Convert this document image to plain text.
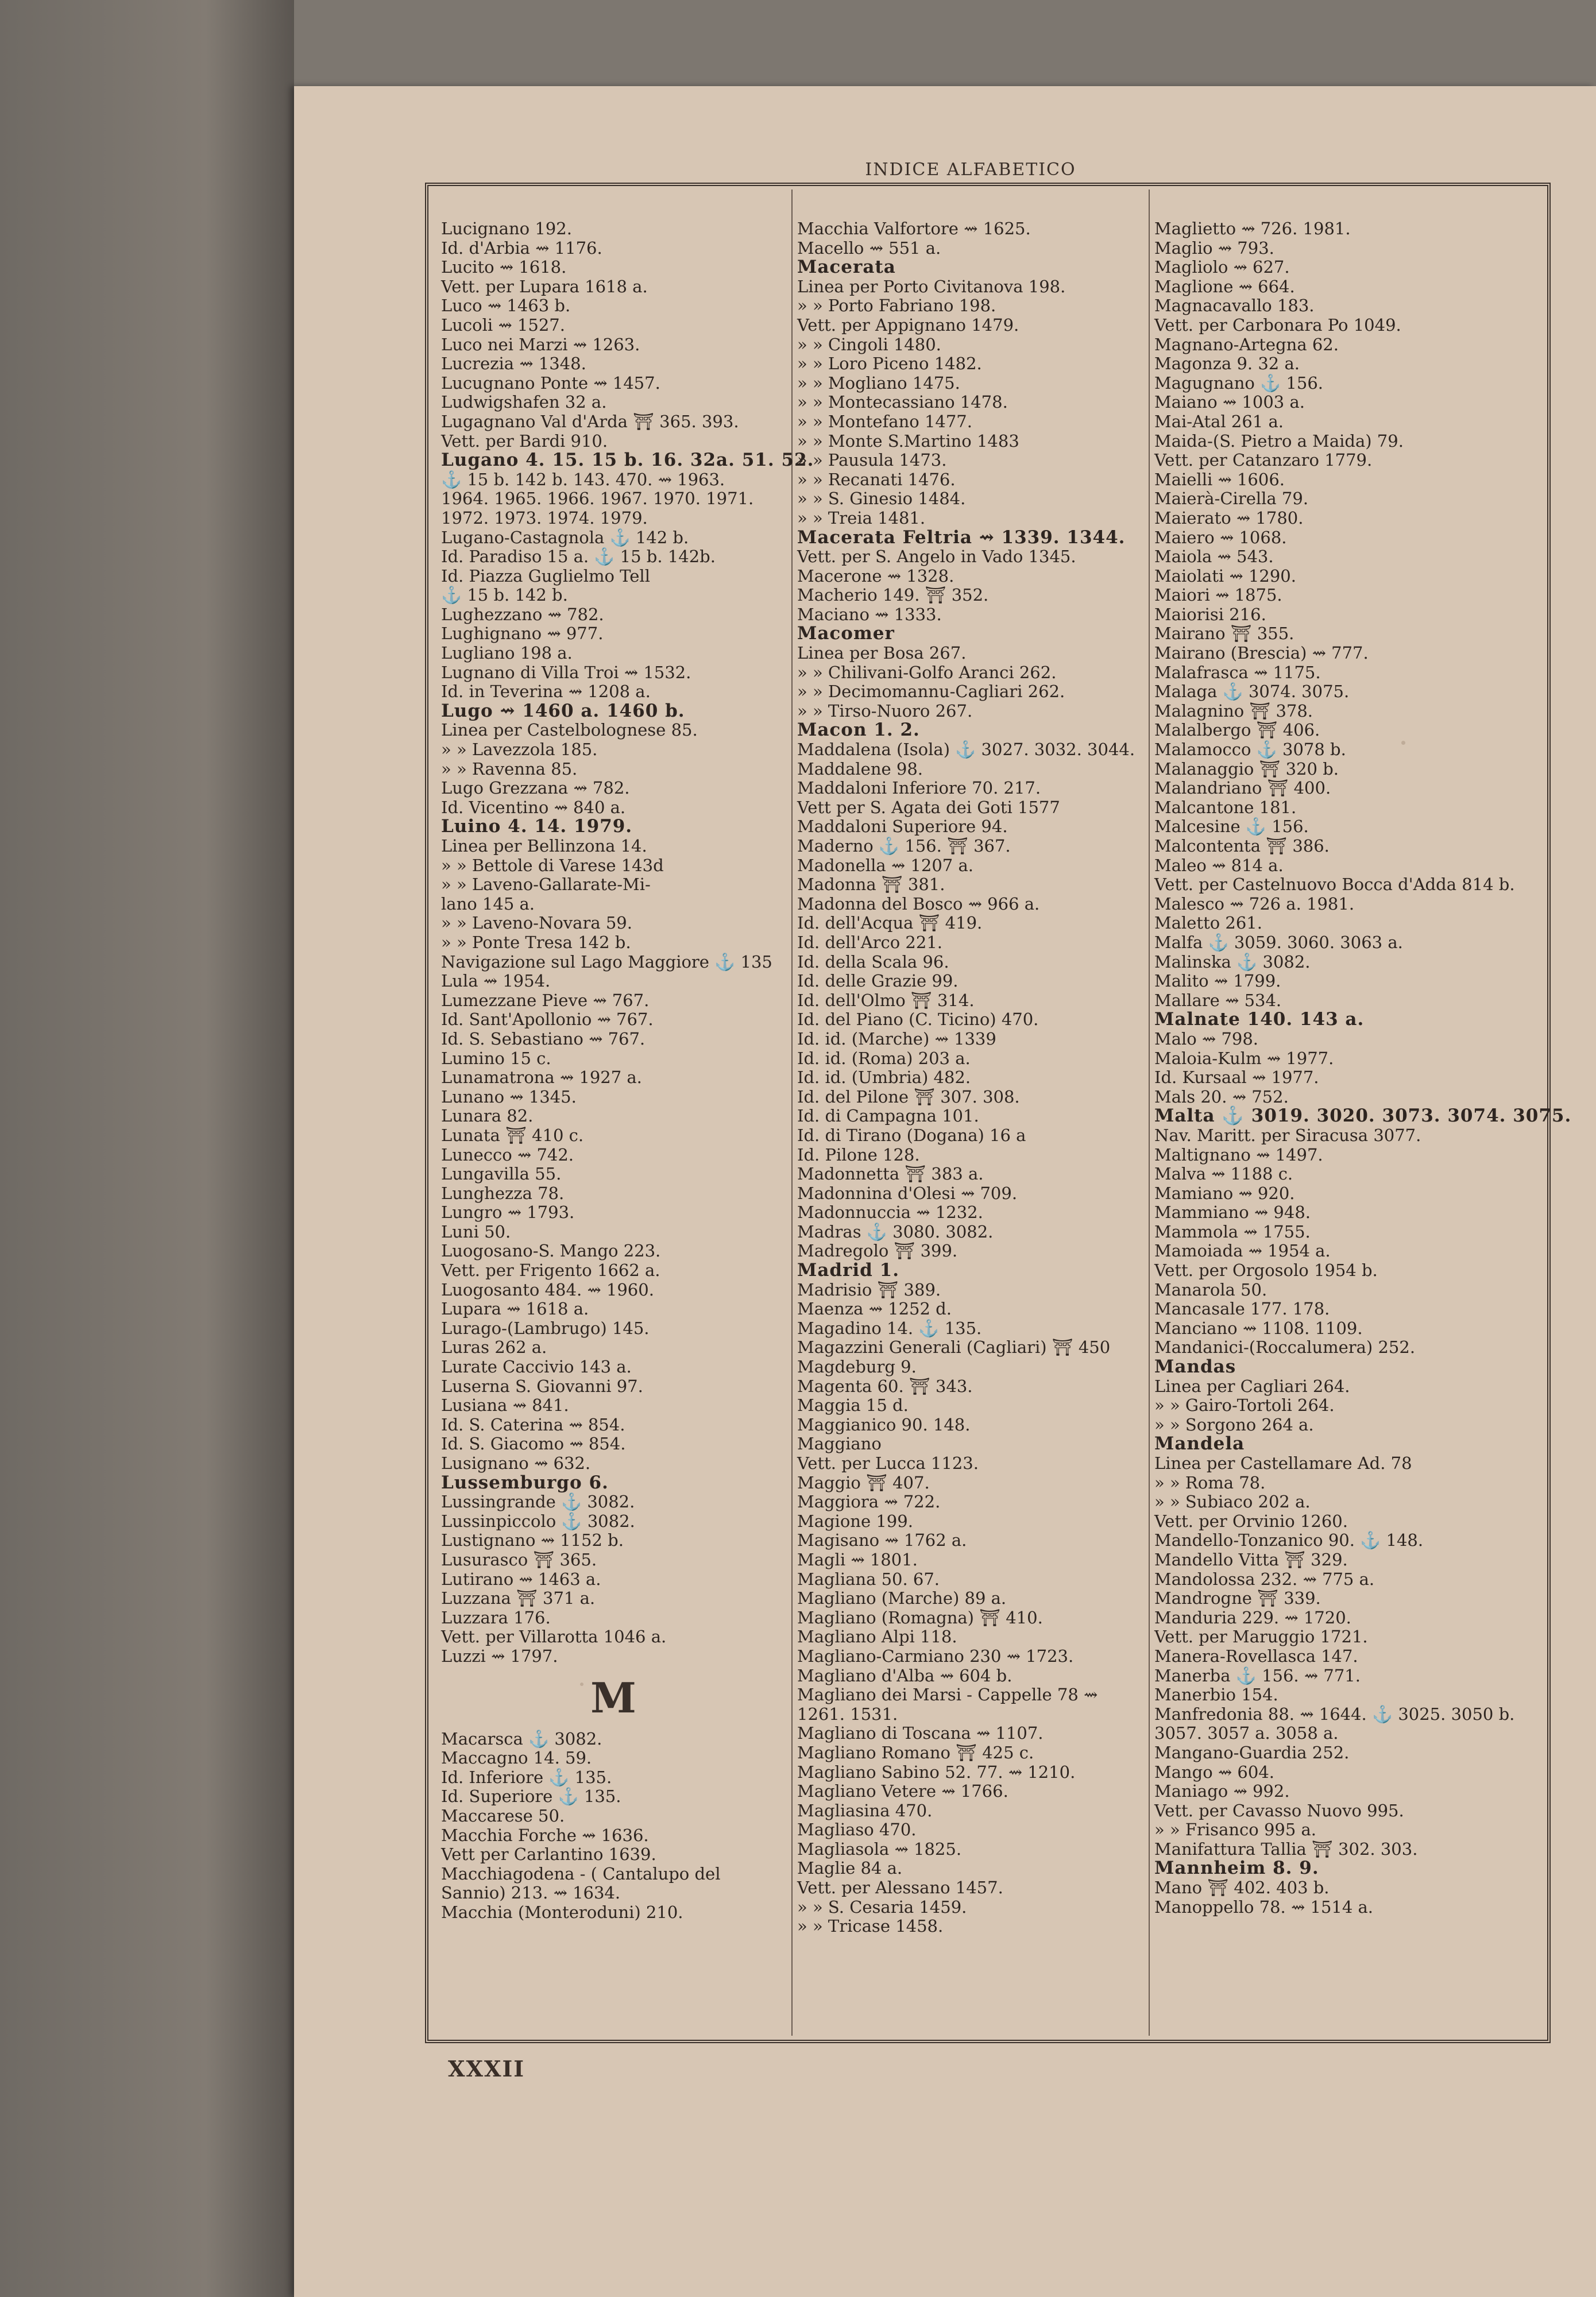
INDICE ALFABETICO
Lucignano 192.
Id. d'Arbia ⇝ 1176.
Lucito ⇝ 1618.
Vett. per Lupara 1618 a.
Luco ⇝ 1463 b.
Lucoli ⇝ 1527.
Luco nei Marzi ⇝ 1263.
Lucrezia ⇝ 1348.
Lucugnano Ponte ⇝ 1457.
Ludwigshafen 32 a.
Lugagnano Val d'Arda ⛩ 365. 393.
Vett. per Bardi 910.
Lugano 4. 15. 15 b. 16. 32a. 51. 52.
⚓ 15 b. 142 b. 143. 470. ⇝ 1963.
1964. 1965. 1966. 1967. 1970. 1971.
1972. 1973. 1974. 1979.
Lugano-Castagnola ⚓ 142 b.
Id. Paradiso 15 a. ⚓ 15 b. 142b.
Id. Piazza Guglielmo Tell
⚓ 15 b. 142 b.
Lughezzano ⇝ 782.
Lughignano ⇝ 977.
Lugliano 198 a.
Lugnano di Villa Troi ⇝ 1532.
Id. in Teverina ⇝ 1208 a.
Lugo ⇝ 1460 a. 1460 b.
Linea per Castelbolognese 85.
» » Lavezzola 185.
» » Ravenna 85.
Lugo Grezzana ⇝ 782.
Id. Vicentino ⇝ 840 a.
Luino 4. 14. 1979.
Linea per Bellinzona 14.
» » Bettole di Varese 143d
» » Laveno-Gallarate-Mi-
lano 145 a.
» » Laveno-Novara 59.
» » Ponte Tresa 142 b.
Navigazione sul Lago Maggiore ⚓ 135
Lula ⇝ 1954.
Lumezzane Pieve ⇝ 767.
Id. Sant'Apollonio ⇝ 767.
Id. S. Sebastiano ⇝ 767.
Lumino 15 c.
Lunamatrona ⇝ 1927 a.
Lunano ⇝ 1345.
Lunara 82.
Lunata ⛩ 410 c.
Lunecco ⇝ 742.
Lungavilla 55.
Lunghezza 78.
Lungro ⇝ 1793.
Luni 50.
Luogosano-S. Mango 223.
Vett. per Frigento 1662 a.
Luogosanto 484. ⇝ 1960.
Lupara ⇝ 1618 a.
Lurago-(Lambrugo) 145.
Luras 262 a.
Lurate Caccivio 143 a.
Luserna S. Giovanni 97.
Lusiana ⇝ 841.
Id. S. Caterina ⇝ 854.
Id. S. Giacomo ⇝ 854.
Lusignano ⇝ 632.
Lussemburgo 6.
Lussingrande ⚓ 3082.
Lussinpiccolo ⚓ 3082.
Lustignano ⇝ 1152 b.
Lusurasco ⛩ 365.
Lutirano ⇝ 1463 a.
Luzzana ⛩ 371 a.
Luzzara 176.
Vett. per Villarotta 1046 a.
Luzzi ⇝ 1797.
M
Macarsca ⚓ 3082.
Maccagno 14. 59.
Id. Inferiore ⚓ 135.
Id. Superiore ⚓ 135.
Maccarese 50.
Macchia Forche ⇝ 1636.
Vett per Carlantino 1639.
Macchiagodena - ( Cantalupo del Sannio) 213. ⇝ 1634.
Macchia (Monteroduni) 210.
Macchia Valfortore ⇝ 1625.
Macello ⇝ 551 a.
Macerata
Linea per Porto Civitanova 198.
» » Porto Fabriano 198.
Vett. per Appignano 1479.
» » Cingoli 1480.
» » Loro Piceno 1482.
» » Mogliano 1475.
» » Montecassiano 1478.
» » Montefano 1477.
» » Monte S.Martino 1483
» » Pausula 1473.
» » Recanati 1476.
» » S. Ginesio 1484.
» » Treia 1481.
Macerata Feltria ⇝ 1339. 1344.
Vett. per S. Angelo in Vado 1345.
Macerone ⇝ 1328.
Macherio 149. ⛩ 352.
Maciano ⇝ 1333.
Macomer
Linea per Bosa 267.
» » Chilivani-Golfo Aranci 262.
» » Decimomannu-Cagliari 262.
» » Tirso-Nuoro 267.
Macon 1. 2.
Maddalena (Isola) ⚓ 3027. 3032. 3044.
Maddalene 98.
Maddaloni Inferiore 70. 217.
Vett per S. Agata dei Goti 1577
Maddaloni Superiore 94.
Maderno ⚓ 156. ⛩ 367.
Madonella ⇝ 1207 a.
Madonna ⛩ 381.
Madonna del Bosco ⇝ 966 a.
Id. dell'Acqua ⛩ 419.
Id. dell'Arco 221.
Id. della Scala 96.
Id. delle Grazie 99.
Id. dell'Olmo ⛩ 314.
Id. del Piano (C. Ticino) 470.
Id. id. (Marche) ⇝ 1339
Id. id. (Roma) 203 a.
Id. id. (Umbria) 482.
Id. del Pilone ⛩ 307. 308.
Id. di Campagna 101.
Id. di Tirano (Dogana) 16 a
Id. Pilone 128.
Madonnetta ⛩ 383 a.
Madonnina d'Olesi ⇝ 709.
Madonnuccia ⇝ 1232.
Madras ⚓ 3080. 3082.
Madregolo ⛩ 399.
Madrid 1.
Madrisio ⛩ 389.
Maenza ⇝ 1252 d.
Magadino 14. ⚓ 135.
Magazzini Generali (Cagliari) ⛩ 450
Magdeburg 9.
Magenta 60. ⛩ 343.
Maggia 15 d.
Maggianico 90. 148.
Maggiano
Vett. per Lucca 1123.
Maggio ⛩ 407.
Maggiora ⇝ 722.
Magione 199.
Magisano ⇝ 1762 a.
Magli ⇝ 1801.
Magliana 50. 67.
Magliano (Marche) 89 a.
Magliano (Romagna) ⛩ 410.
Magliano Alpi 118.
Magliano-Carmiano 230 ⇝ 1723.
Magliano d'Alba ⇝ 604 b.
Magliano dei Marsi - Cappelle 78 ⇝ 1261. 1531.
Magliano di Toscana ⇝ 1107.
Magliano Romano ⛩ 425 c.
Magliano Sabino 52. 77. ⇝ 1210.
Magliano Vetere ⇝ 1766.
Magliasina 470.
Magliaso 470.
Magliasola ⇝ 1825.
Maglie 84 a.
Vett. per Alessano 1457.
» » S. Cesaria 1459.
» » Tricase 1458.
Maglietto ⇝ 726. 1981.
Maglio ⇝ 793.
Magliolo ⇝ 627.
Maglione ⇝ 664.
Magnacavallo 183.
Vett. per Carbonara Po 1049.
Magnano-Artegna 62.
Magonza 9. 32 a.
Magugnano ⚓ 156.
Maiano ⇝ 1003 a.
Mai-Atal 261 a.
Maida-(S. Pietro a Maida) 79.
Vett. per Catanzaro 1779.
Maielli ⇝ 1606.
Maierà-Cirella 79.
Maierato ⇝ 1780.
Maiero ⇝ 1068.
Maiola ⇝ 543.
Maiolati ⇝ 1290.
Maiori ⇝ 1875.
Maiorisi 216.
Mairano ⛩ 355.
Mairano (Brescia) ⇝ 777.
Malafrasca ⇝ 1175.
Malaga ⚓ 3074. 3075.
Malagnino ⛩ 378.
Malalbergo ⛩ 406.
Malamocco ⚓ 3078 b.
Malanaggio ⛩ 320 b.
Malandriano ⛩ 400.
Malcantone 181.
Malcesine ⚓ 156.
Malcontenta ⛩ 386.
Maleo ⇝ 814 a.
Vett. per Castelnuovo Bocca d'Adda 814 b.
Malesco ⇝ 726 a. 1981.
Maletto 261.
Malfa ⚓ 3059. 3060. 3063 a.
Malinska ⚓ 3082.
Malito ⇝ 1799.
Mallare ⇝ 534.
Malnate 140. 143 a.
Malo ⇝ 798.
Maloia-Kulm ⇝ 1977.
Id. Kursaal ⇝ 1977.
Mals 20. ⇝ 752.
Malta ⚓ 3019. 3020. 3073. 3074. 3075.
Nav. Maritt. per Siracusa 3077.
Maltignano ⇝ 1497.
Malva ⇝ 1188 c.
Mamiano ⇝ 920.
Mammiano ⇝ 948.
Mammola ⇝ 1755.
Mamoiada ⇝ 1954 a.
Vett. per Orgosolo 1954 b.
Manarola 50.
Mancasale 177. 178.
Manciano ⇝ 1108. 1109.
Mandanici-(Roccalumera) 252.
Mandas
Linea per Cagliari 264.
» » Gairo-Tortoli 264.
» » Sorgono 264 a.
Mandela
Linea per Castellamare Ad. 78
» » Roma 78.
» » Subiaco 202 a.
Vett. per Orvinio 1260.
Mandello-Tonzanico 90. ⚓ 148.
Mandello Vitta ⛩ 329.
Mandolossa 232. ⇝ 775 a.
Mandrogne ⛩ 339.
Manduria 229. ⇝ 1720.
Vett. per Maruggio 1721.
Manera-Rovellasca 147.
Manerba ⚓ 156. ⇝ 771.
Manerbio 154.
Manfredonia 88. ⇝ 1644. ⚓ 3025. 3050 b. 3057. 3057 a. 3058 a.
Mangano-Guardia 252.
Mango ⇝ 604.
Maniago ⇝ 992.
Vett. per Cavasso Nuovo 995.
» » Frisanco 995 a.
Manifattura Tallia ⛩ 302. 303.
Mannheim 8. 9.
Mano ⛩ 402. 403 b.
Manoppello 78. ⇝ 1514 a.
XXXII
